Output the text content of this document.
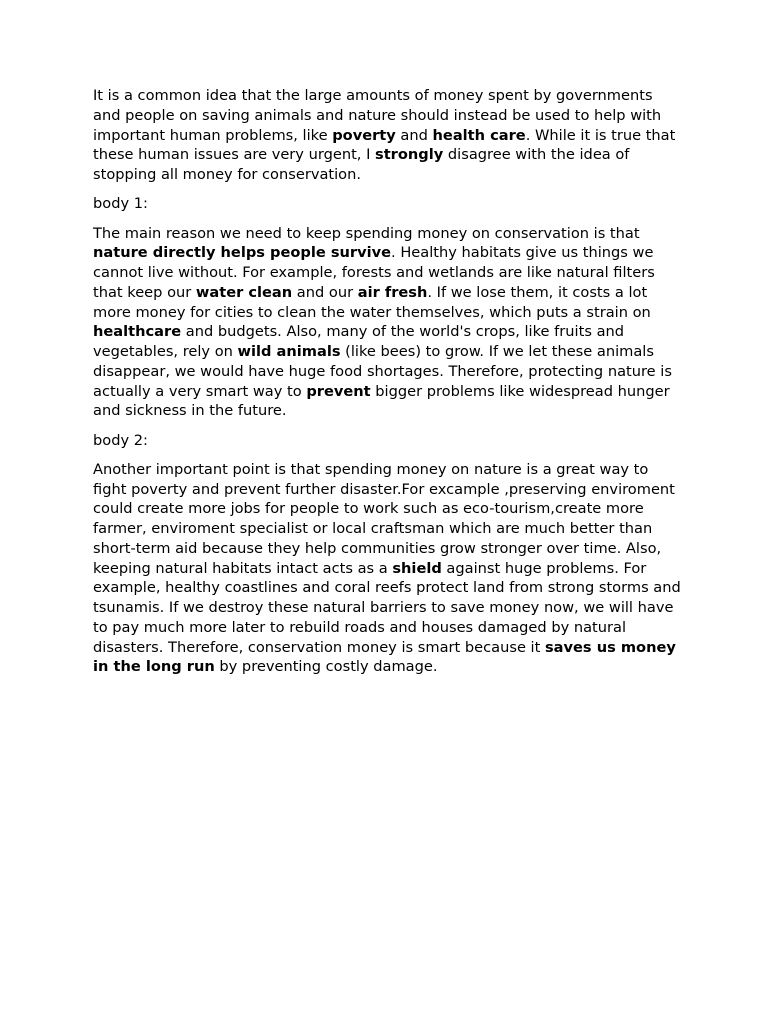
It is a common idea that the large amounts of money spent by governments and people on saving animals and nature should instead be used to help with important human problems, like poverty and health care. While it is true that these human issues are very urgent, I strongly disagree with the idea of stopping all money for conservation.

body 1:

The main reason we need to keep spending money on conservation is that nature directly helps people survive. Healthy habitats give us things we cannot live without. For example, forests and wetlands are like natural filters that keep our water clean and our air fresh. If we lose them, it costs a lot more money for cities to clean the water themselves, which puts a strain on healthcare and budgets. Also, many of the world's crops, like fruits and vegetables, rely on wild animals (like bees) to grow. If we let these animals disappear, we would have huge food shortages. Therefore, protecting nature is actually a very smart way to prevent bigger problems like widespread hunger and sickness in the future.

body 2:

Another important point is that spending money on nature is a great way to fight poverty and prevent further disaster.For excample ,preserving enviroment could create more jobs for people to work such as eco-tourism,create more farmer, enviroment specialist or local craftsman which are much better than short-term aid because they help communities grow stronger over time. Also, keeping natural habitats intact acts as a shield against huge problems. For example, healthy coastlines and coral reefs protect land from strong storms and tsunamis. If we destroy these natural barriers to save money now, we will have to pay much more later to rebuild roads and houses damaged by natural disasters. Therefore, conservation money is smart because it saves us money in the long run by preventing costly damage.
